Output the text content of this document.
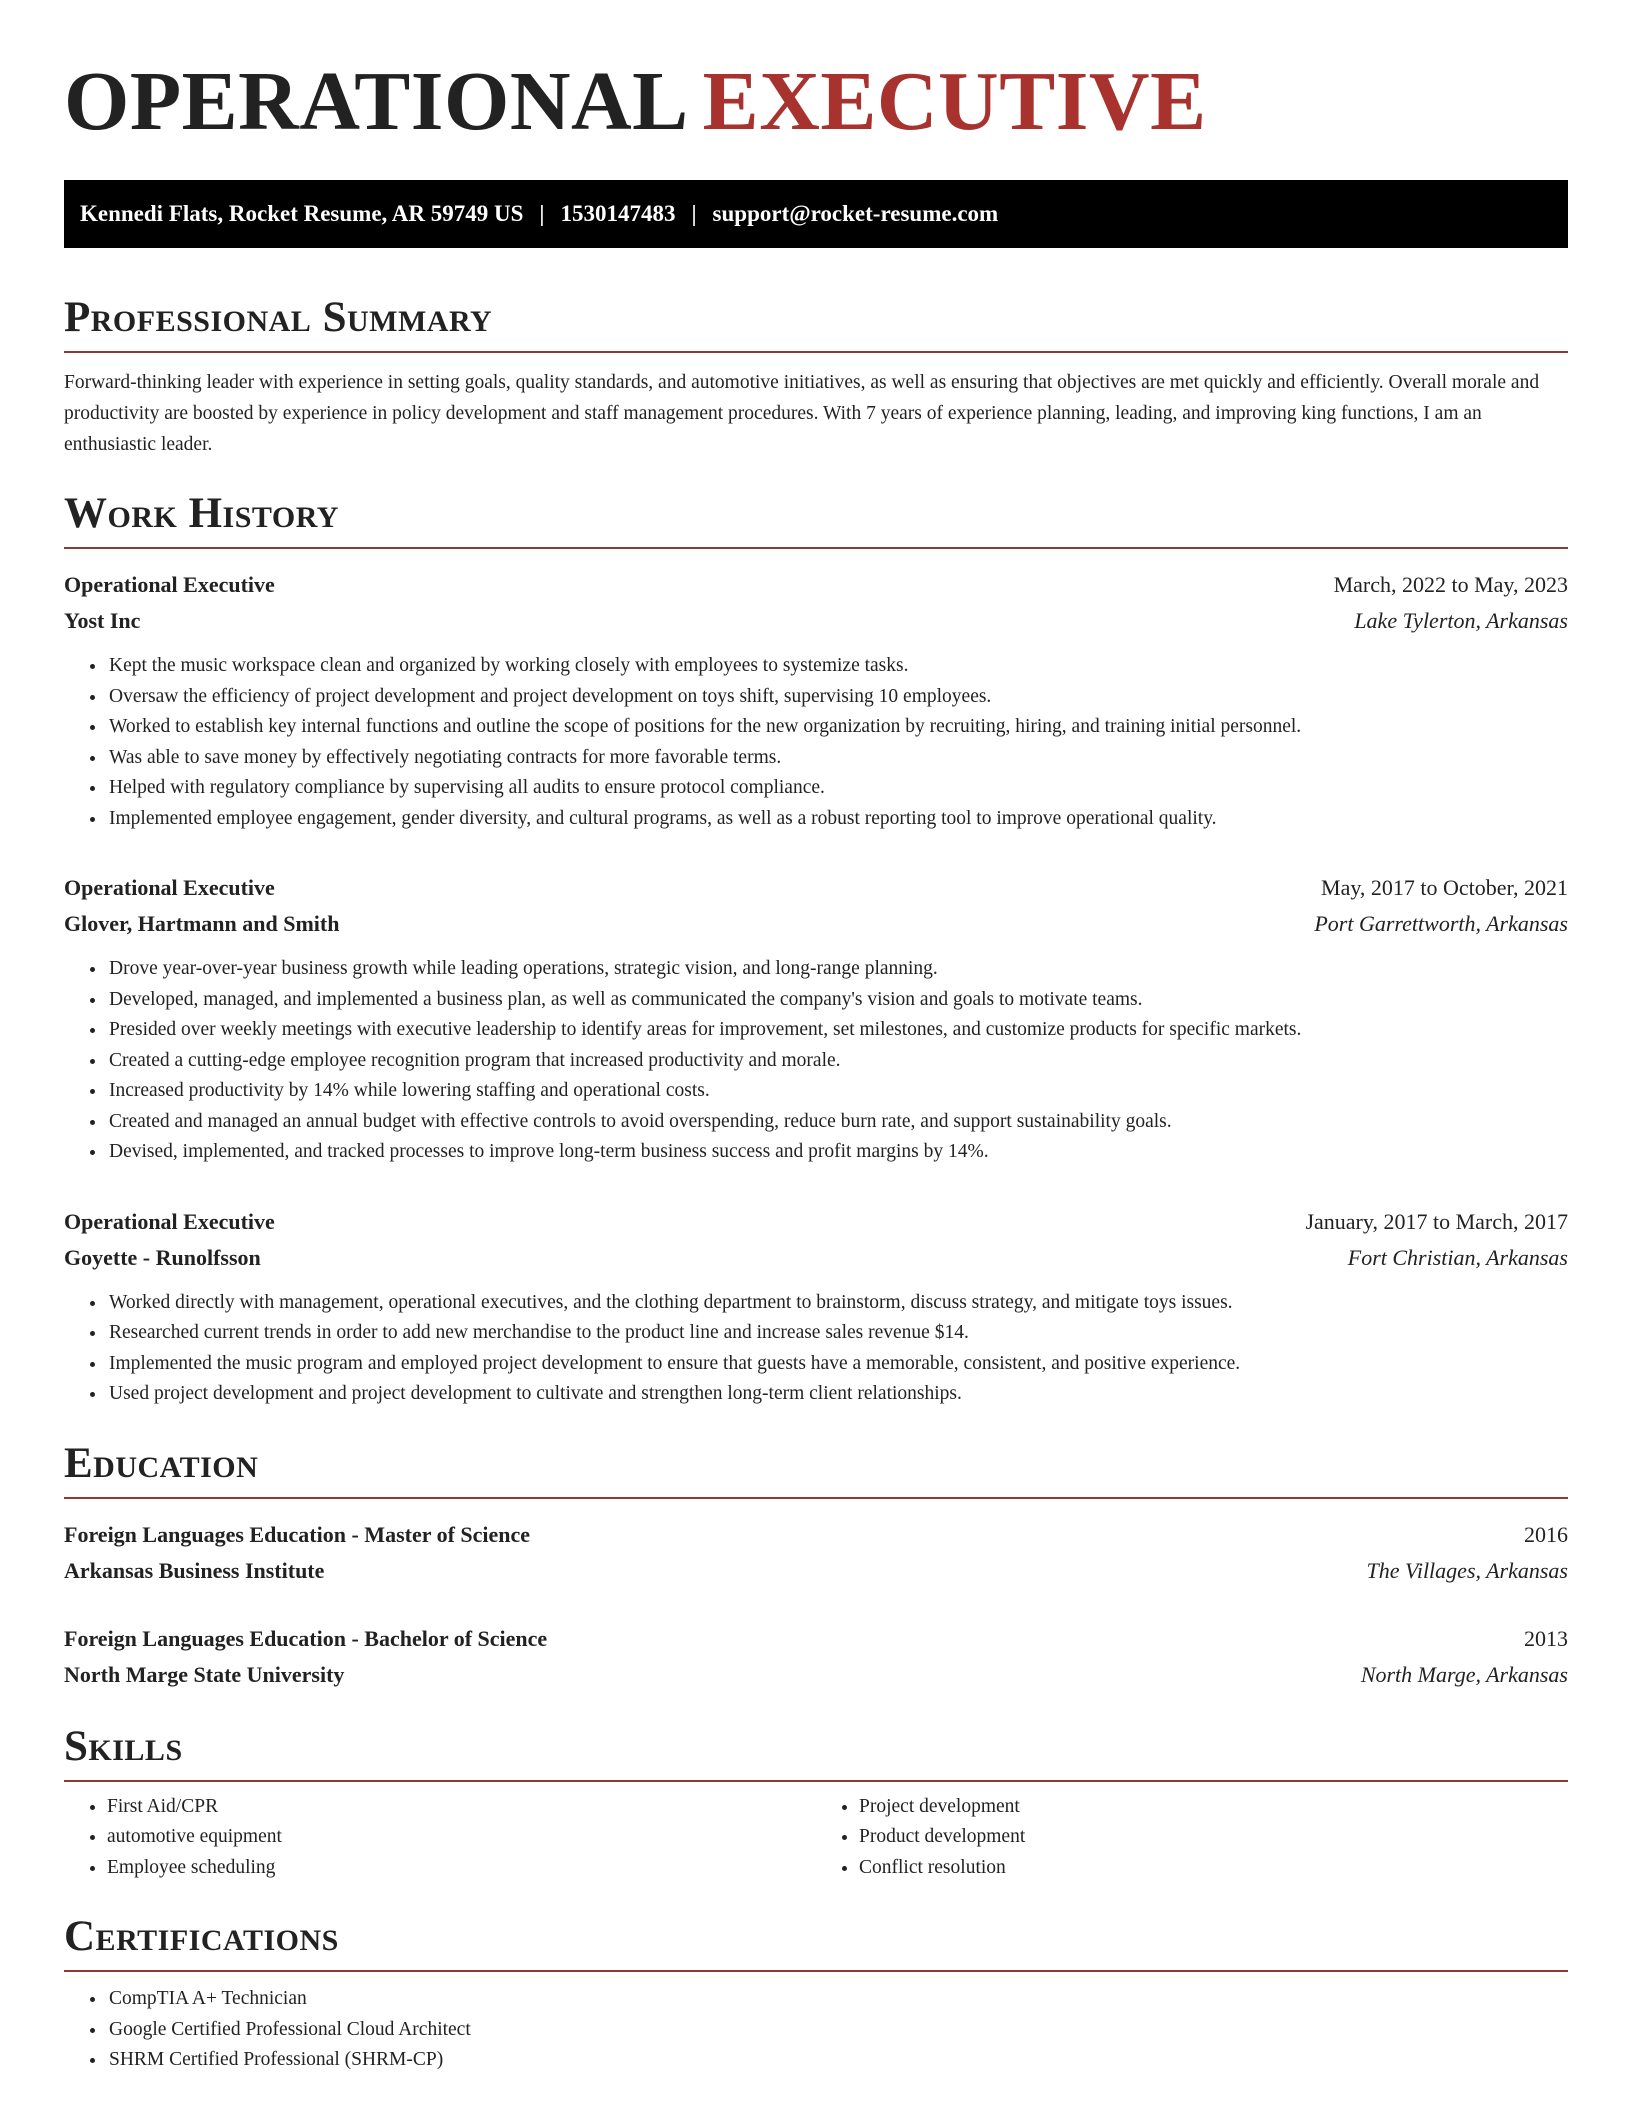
OPERATIONAL EXECUTIVE
Kennedi Flats, Rocket Resume, AR 59749 US | 1530147483 | support@rocket-resume.com
Professional Summary

Forward-thinking leader with experience in setting goals, quality standards, and automotive initiatives, as well as ensuring that objectives are met quickly and efficiently. Overall morale and productivity are boosted by experience in policy development and staff management procedures. With 7 years of experience planning, leading, and improving king functions, I am an enthusiastic leader.

Work History
Operational Executive	March, 2022 to May, 2023
Yost Inc	Lake Tylerton, Arkansas
• Kept the music workspace clean and organized by working closely with employees to systemize tasks.
• Oversaw the efficiency of project development and project development on toys shift, supervising 10 employees.
• Worked to establish key internal functions and outline the scope of positions for the new organization by recruiting, hiring, and training initial personnel.
• Was able to save money by effectively negotiating contracts for more favorable terms.
• Helped with regulatory compliance by supervising all audits to ensure protocol compliance.
• Implemented employee engagement, gender diversity, and cultural programs, as well as a robust reporting tool to improve operational quality.
Operational Executive	May, 2017 to October, 2021
Glover, Hartmann and Smith	Port Garrettworth, Arkansas
• Drove year-over-year business growth while leading operations, strategic vision, and long-range planning.
• Developed, managed, and implemented a business plan, as well as communicated the company's vision and goals to motivate teams.
• Presided over weekly meetings with executive leadership to identify areas for improvement, set milestones, and customize products for specific markets.
• Created a cutting-edge employee recognition program that increased productivity and morale.
• Increased productivity by 14% while lowering staffing and operational costs.
• Created and managed an annual budget with effective controls to avoid overspending, reduce burn rate, and support sustainability goals.
• Devised, implemented, and tracked processes to improve long-term business success and profit margins by 14%.
Operational Executive	January, 2017 to March, 2017
Goyette - Runolfsson	Fort Christian, Arkansas
• Worked directly with management, operational executives, and the clothing department to brainstorm, discuss strategy, and mitigate toys issues.
• Researched current trends in order to add new merchandise to the product line and increase sales revenue $14.
• Implemented the music program and employed project development to ensure that guests have a memorable, consistent, and positive experience.
• Used project development and project development to cultivate and strengthen long-term client relationships.
Education
Foreign Languages Education - Master of Science	2016
Arkansas Business Institute	The Villages, Arkansas
Foreign Languages Education - Bachelor of Science	2013
North Marge State University	North Marge, Arkansas
Skills
• First Aid/CPR
• automotive equipment
• Employee scheduling
• Project development
• Product development
• Conflict resolution
Certifications
• CompTIA A+ Technician
• Google Certified Professional Cloud Architect
• SHRM Certified Professional (SHRM-CP)
